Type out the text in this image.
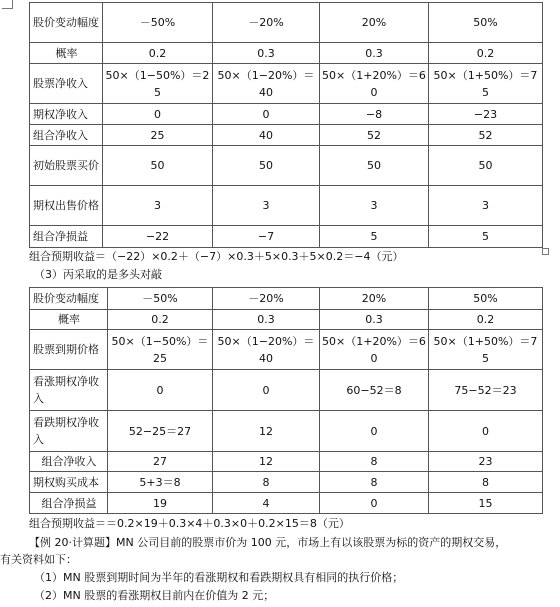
股价变动幅度	－50%	－20%	20%	50%
概率	0.2	0.3	0.3	0.2
股票净收入	50×（1−50%）＝25	50×（1−20%）＝40	50×（1+20%）＝60	50×（1+50%）＝75
期权净收入	0	0	−8	−23
组合净收入	25	40	52	52
初始股票买价	50	50	50	50
期权出售价格	3	3	3	3
组合净损益	−22	−7	5	5
组合预期收益＝（−22）×0.2＋（−7）×0.3＋5×0.3＋5×0.2＝−4（元）
（3）丙采取的是多头对敲
股价变动幅度	－50%	－20%	20%	50%
概率	0.2	0.3	0.3	0.2
股票到期价格	50×（1−50%）＝25	50×（1−20%）＝40	50×（1+20%）＝60	50×（1+50%）＝75
看涨期权净收入	0	0	60−52＝8	75−52＝23
看跌期权净收入	52−25＝27	12	0	0
组合净收入	27	12	8	23
期权购买成本	5+3＝8	8	8	8
组合净损益	19	4	0	15
组合预期收益＝＝0.2×19＋0.3×4＋0.3×0＋0.2×15＝8（元）
【例 20·计算题】MN 公司目前的股票市价为 100 元，市场上有以该股票为标的资产的期权交易，
有关资料如下：
（1）MN 股票到期时间为半年的看涨期权和看跌期权具有相同的执行价格；
（2）MN 股票的看涨期权目前内在价值为 2 元；
